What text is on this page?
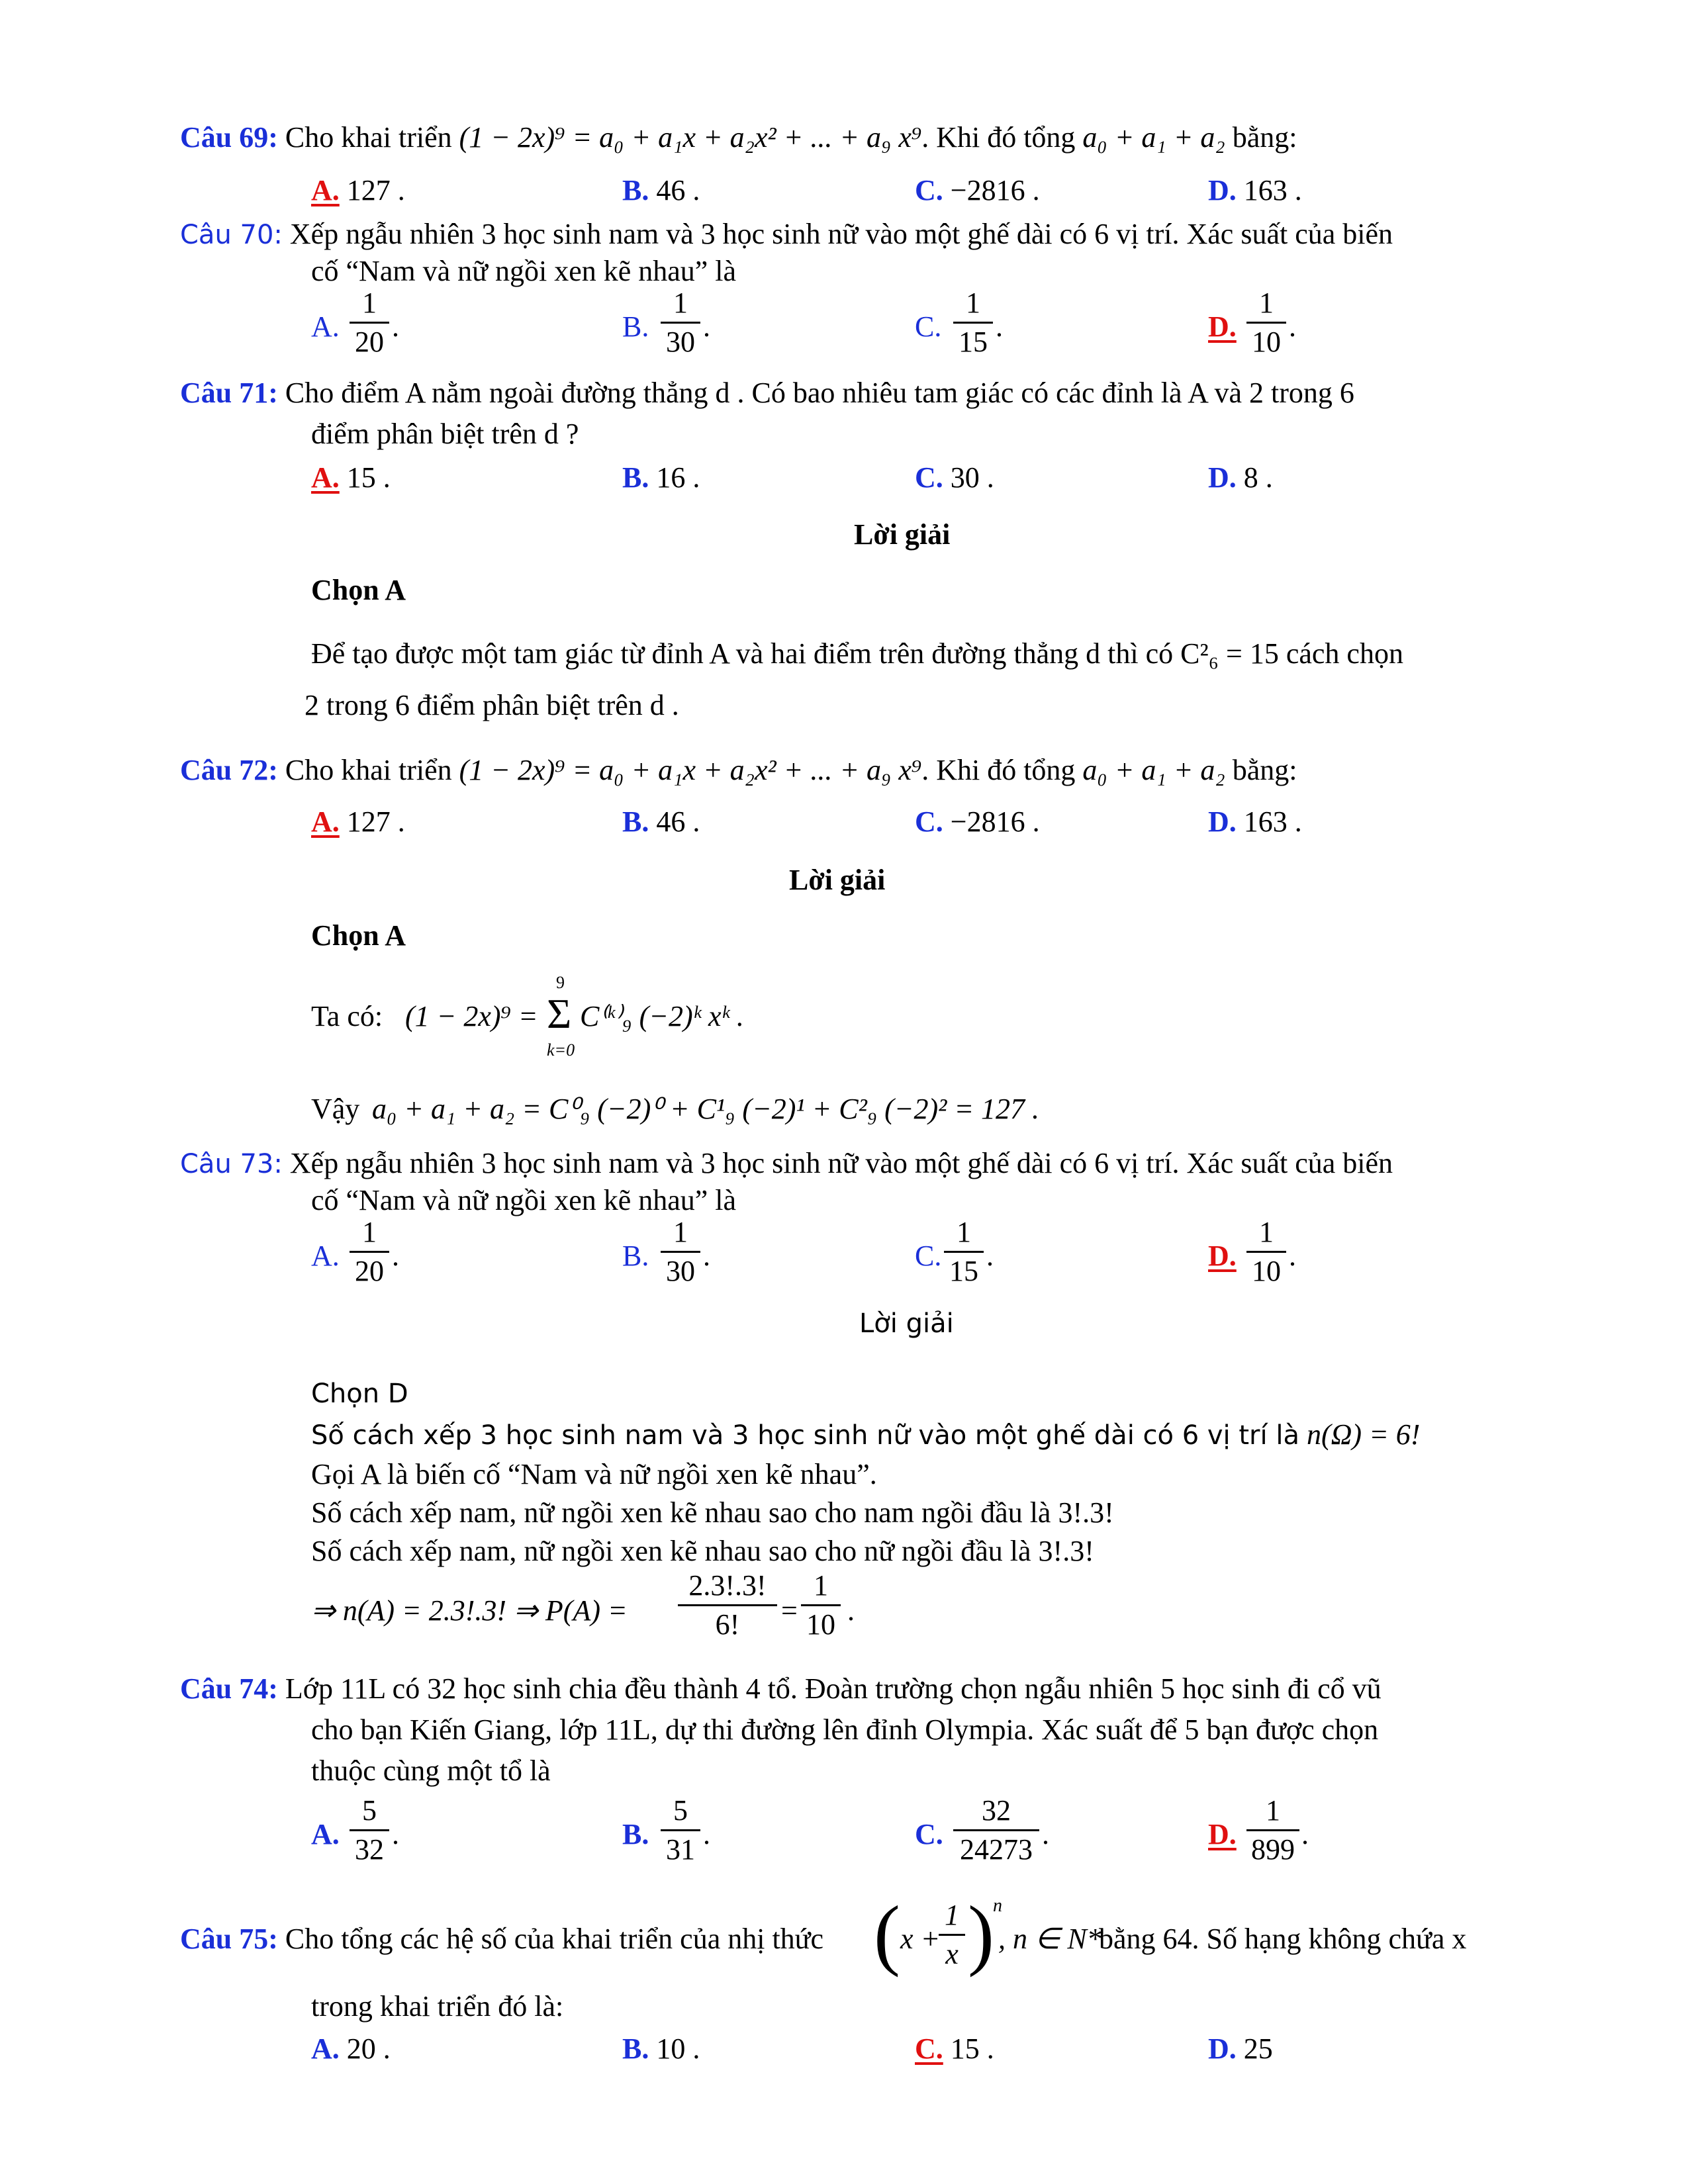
Câu 69: Cho khai triển (1 − 2x)⁹ = a₀ + a₁x + a₂x² + ... + a₉ x⁹. Khi đó tổng a₀ + a₁ + a₂ bằng:
A. 127 .	B. 46 .	C. −2816 .	D. 163 .
Câu 70: Xếp ngẫu nhiên 3 học sinh nam và 3 học sinh nữ vào một ghế dài có 6 vị trí. Xác suất của biến
cố “Nam và nữ ngồi xen kẽ nhau” là
A.
1
20 .	B.
1
30 .	C.
1
15 .	D.
1
10 .
Câu 71: Cho điểm A nằm ngoài đường thẳng d . Có bao nhiêu tam giác có các đỉnh là A và 2 trong 6
điểm phân biệt trên d ?
A. 15 .	B. 16 .	C. 30 .	D. 8 .
Lời giải
Chọn A
Để tạo được một tam giác từ đỉnh A và hai điểm trên đường thẳng d thì có C²₆ = 15 cách chọn
2 trong 6 điểm phân biệt trên d .
Câu 72: Cho khai triển (1 − 2x)⁹ = a₀ + a₁x + a₂x² + ... + a₉ x⁹. Khi đó tổng a₀ + a₁ + a₂ bằng:
A. 127 .	B. 46 .	C. −2816 .	D. 163 .
Lời giải
Chọn A
Ta có: (1 − 2x)⁹ =
9
Σ
k=0
C⁽ᵏ⁾₉ (−2)ᵏ xᵏ .
Vậy a₀ + a₁ + a₂ = C⁰₉ (−2)⁰ + C¹₉ (−2)¹ + C²₉ (−2)² = 127 .
Câu 73: Xếp ngẫu nhiên 3 học sinh nam và 3 học sinh nữ vào một ghế dài có 6 vị trí. Xác suất của biến
cố “Nam và nữ ngồi xen kẽ nhau” là
A.
1
20 .	B.
1
30 .	C.
1
15 .	D.
1
10 .
Lời giải
Chọn D
Số cách xếp 3 học sinh nam và 3 học sinh nữ vào một ghế dài có 6 vị trí là n(Ω) = 6!
Gọi A là biến cố “Nam và nữ ngồi xen kẽ nhau”.
Số cách xếp nam, nữ ngồi xen kẽ nhau sao cho nam ngồi đầu là 3!.3!
Số cách xếp nam, nữ ngồi xen kẽ nhau sao cho nữ ngồi đầu là 3!.3!
⇒ n(A) = 2.3!.3! ⇒ P(A) =
2.3!.3!
6!	=
1
10 .
Câu 74: Lớp 11L có 32 học sinh chia đều thành 4 tổ. Đoàn trường chọn ngẫu nhiên 5 học sinh đi cổ vũ
cho bạn Kiến Giang, lớp 11L, dự thi đường lên đỉnh Olympia. Xác suất để 5 bạn được chọn
thuộc cùng một tổ là
A.
5
32 .	B.
5
31 .	C.
32
24273 .	D.
1
899 .
Câu 75: Cho tổng các hệ số của khai triển của nhị thức ( x +
1
x )
n
, n ∈ N*
bằng 64. Số hạng không chứa x
trong khai triển đó là:
A. 20 .	B. 10 .	C. 15 .	D. 25
